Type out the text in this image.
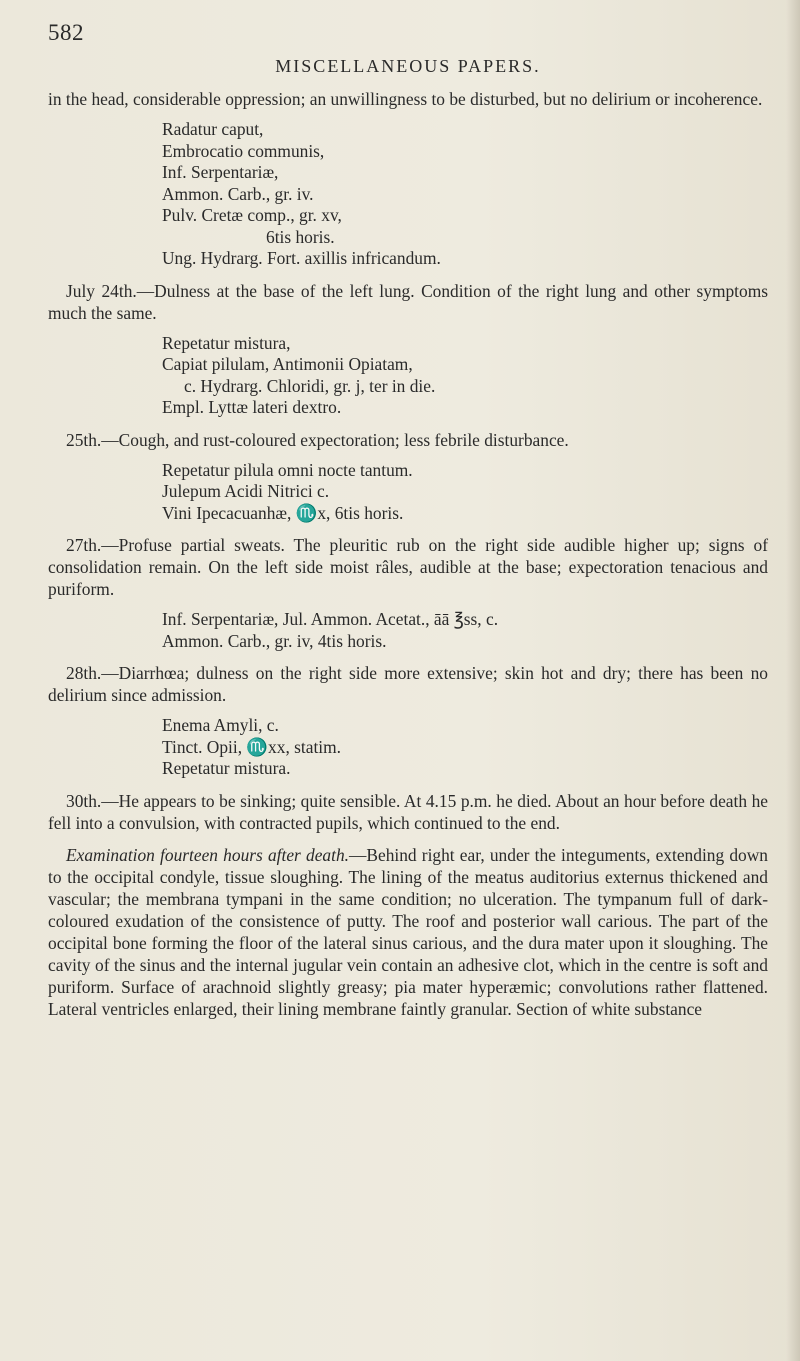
582
MISCELLANEOUS PAPERS.

in the head, considerable oppression; an unwillingness to be disturbed, but no delirium or incoherence.

Radatur caput,
Embrocatio communis,
Inf. Serpentariæ,
Ammon. Carb., gr. iv.
Pulv. Cretæ comp., gr. xv,
6tis horis.
Ung. Hydrarg. Fort. axillis infricandum.

July 24th.—Dulness at the base of the left lung. Condition of the right lung and other symptoms much the same.

Repetatur mistura,
Capiat pilulam, Antimonii Opiatam,
c. Hydrarg. Chloridi, gr. j, ter in die.
Empl. Lyttæ lateri dextro.

25th.—Cough, and rust-coloured expectoration; less febrile disturbance.

Repetatur pilula omni nocte tantum.
Julepum Acidi Nitrici c.
Vini Ipecacuanhæ, ♏x, 6tis horis.

27th.—Profuse partial sweats. The pleuritic rub on the right side audible higher up; signs of consolidation remain. On the left side moist râles, audible at the base; expectoration tenacious and puriform.

Inf. Serpentariæ, Jul. Ammon. Acetat., āā ℥ss, c.
Ammon. Carb., gr. iv, 4tis horis.

28th.—Diarrhœa; dulness on the right side more extensive; skin hot and dry; there has been no delirium since admission.

Enema Amyli, c.
Tinct. Opii, ♏xx, statim.
Repetatur mistura.

30th.—He appears to be sinking; quite sensible. At 4.15 p.m. he died. About an hour before death he fell into a convulsion, with contracted pupils, which continued to the end.

Examination fourteen hours after death.—Behind right ear, under the integuments, extending down to the occipital condyle, tissue sloughing. The lining of the meatus auditorius externus thickened and vascular; the membrana tympani in the same condition; no ulceration. The tympanum full of dark-coloured exudation of the consistence of putty. The roof and posterior wall carious. The part of the occipital bone forming the floor of the lateral sinus carious, and the dura mater upon it sloughing. The cavity of the sinus and the internal jugular vein contain an adhesive clot, which in the centre is soft and puriform. Surface of arachnoid slightly greasy; pia mater hyperæmic; convolutions rather flattened. Lateral ventricles enlarged, their lining membrane faintly granular. Section of white substance
